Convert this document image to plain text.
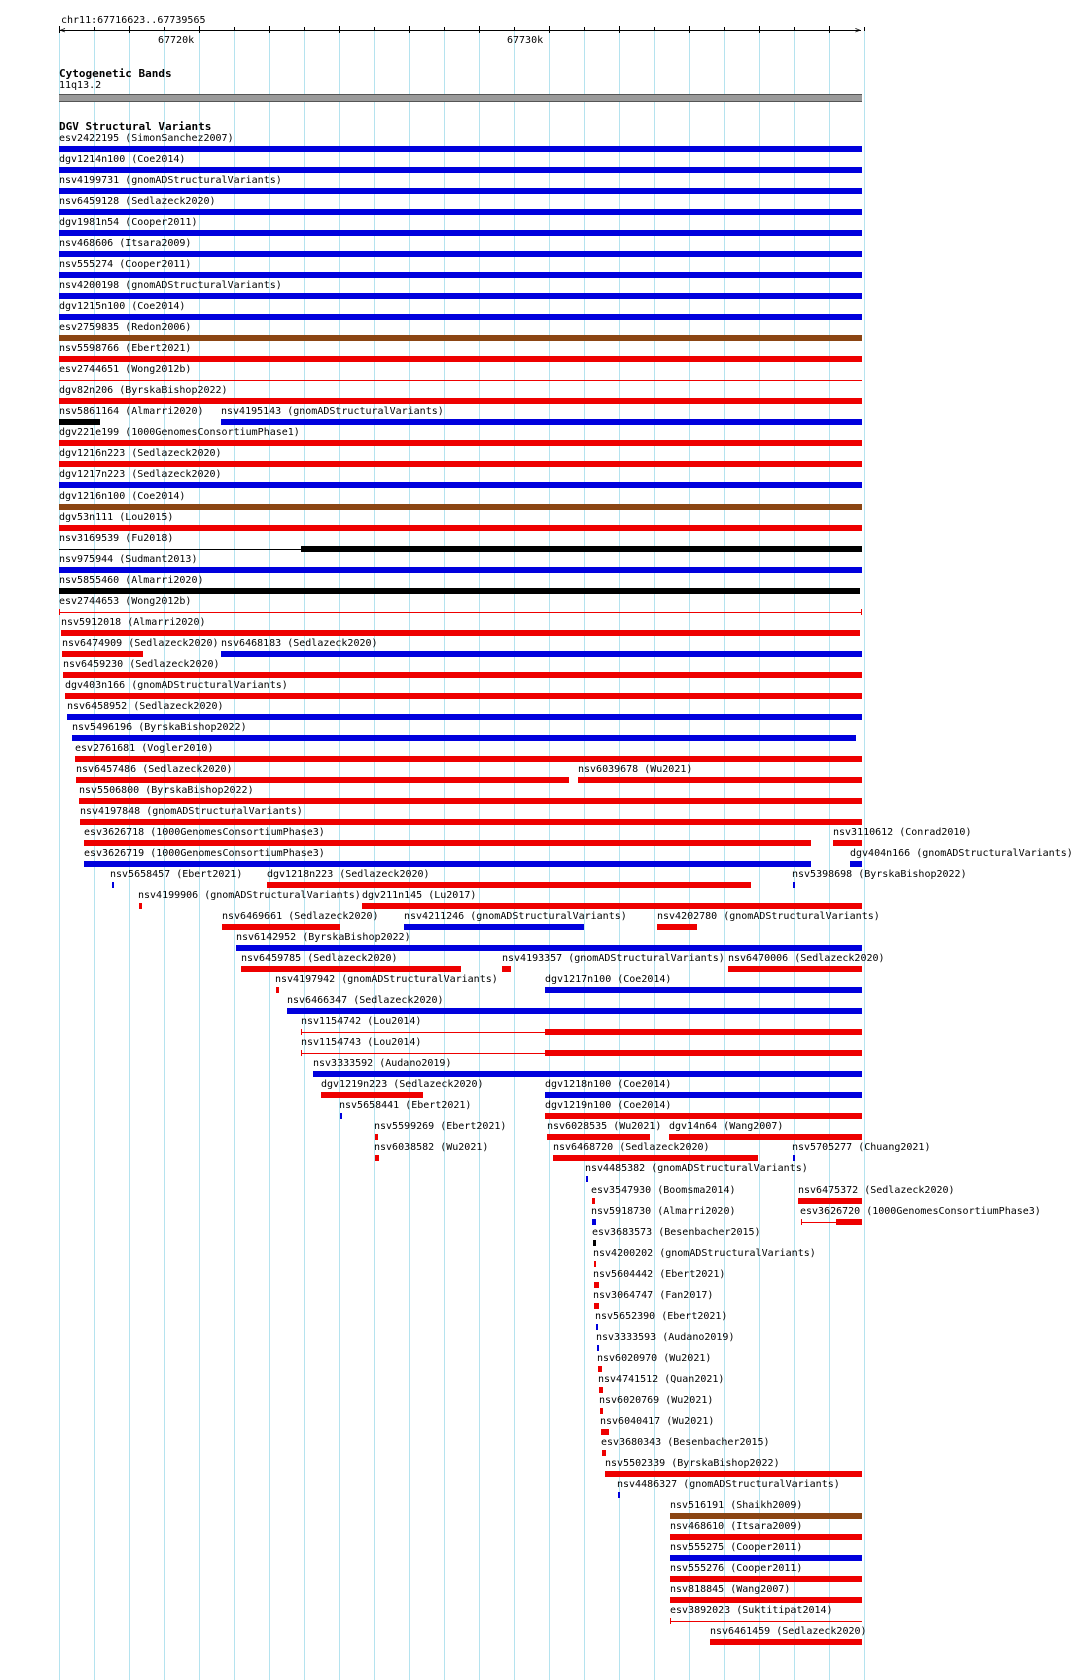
chr11:67716623..67739565
<	>
67720k	67730k
Cytogenetic Bands
11q13.2
DGV Structural Variants
esv2422195 (SimonSanchez2007)
dgv1214n100 (Coe2014)
nsv4199731 (gnomADStructuralVariants)
nsv6459128 (Sedlazeck2020)
dgv1981n54 (Cooper2011)
nsv468606 (Itsara2009)
nsv555274 (Cooper2011)
nsv4200198 (gnomADStructuralVariants)
dgv1215n100 (Coe2014)
esv2759835 (Redon2006)
nsv5598766 (Ebert2021)
esv2744651 (Wong2012b)
dgv82n206 (ByrskaBishop2022)
nsv5861164 (Almarri2020) nsv4195143 (gnomADStructuralVariants)
dgv221e199 (1000GenomesConsortiumPhase1)
dgv1216n223 (Sedlazeck2020)
dgv1217n223 (Sedlazeck2020)
dgv1216n100 (Coe2014)
dgv53n111 (Lou2015)
nsv3169539 (Fu2018)
nsv975944 (Sudmant2013)
nsv5855460 (Almarri2020)
esv2744653 (Wong2012b)
nsv5912018 (Almarri2020)
nsv6474909 (Sedlazeck2020) nsv6468183 (Sedlazeck2020)
nsv6459230 (Sedlazeck2020)
dgv403n166 (gnomADStructuralVariants)
nsv6458952 (Sedlazeck2020)
nsv5496196 (ByrskaBishop2022)
esv2761681 (Vogler2010)
nsv6457486 (Sedlazeck2020)	nsv6039678 (Wu2021)
nsv5506800 (ByrskaBishop2022)
nsv4197848 (gnomADStructuralVariants)
esv3626718 (1000GenomesConsortiumPhase3)	nsv3110612 (Conrad2010)
esv3626719 (1000GenomesConsortiumPhase3)	dgv404n166 (gnomADStructuralVariants)
nsv5658457 (Ebert2021) dgv1218n223 (Sedlazeck2020)	nsv5398698 (ByrskaBishop2022)
nsv4199906 (gnomADStructuralVariants) dgv211n145 (Lu2017)
nsv6469661 (Sedlazeck2020)	nsv4211246 (gnomADStructuralVariants)	nsv4202780 (gnomADStructuralVariants)
nsv6142952 (ByrskaBishop2022)
nsv6459785 (Sedlazeck2020)	nsv4193357 (gnomADStructuralVariants) nsv6470006 (Sedlazeck2020)
nsv4197942 (gnomADStructuralVariants)	dgv1217n100 (Coe2014)
nsv6466347 (Sedlazeck2020)
nsv1154742 (Lou2014)
nsv1154743 (Lou2014)
nsv3333592 (Audano2019)
dgv1219n223 (Sedlazeck2020)	dgv1218n100 (Coe2014)
nsv5658441 (Ebert2021)	dgv1219n100 (Coe2014)
nsv5599269 (Ebert2021)	nsv6028535 (Wu2021) dgv14n64 (Wang2007)
nsv6038582 (Wu2021)	nsv6468720 (Sedlazeck2020)	nsv5705277 (Chuang2021)
nsv4485382 (gnomADStructuralVariants)
esv3547930 (Boomsma2014)	nsv6475372 (Sedlazeck2020)
nsv5918730 (Almarri2020)	esv3626720 (1000GenomesConsortiumPhase3)
esv3683573 (Besenbacher2015)
nsv4200202 (gnomADStructuralVariants)
nsv5604442 (Ebert2021)
nsv3064747 (Fan2017)
nsv5652390 (Ebert2021)
nsv3333593 (Audano2019)
nsv6020970 (Wu2021)
nsv4741512 (Quan2021)
nsv6020769 (Wu2021)
nsv6040417 (Wu2021)
esv3680343 (Besenbacher2015)
nsv5502339 (ByrskaBishop2022)
nsv4486327 (gnomADStructuralVariants)
nsv516191 (Shaikh2009)
nsv468610 (Itsara2009)
nsv555275 (Cooper2011)
nsv555276 (Cooper2011)
nsv818845 (Wang2007)
esv3892023 (Suktitipat2014)
nsv6461459 (Sedlazeck2020)
